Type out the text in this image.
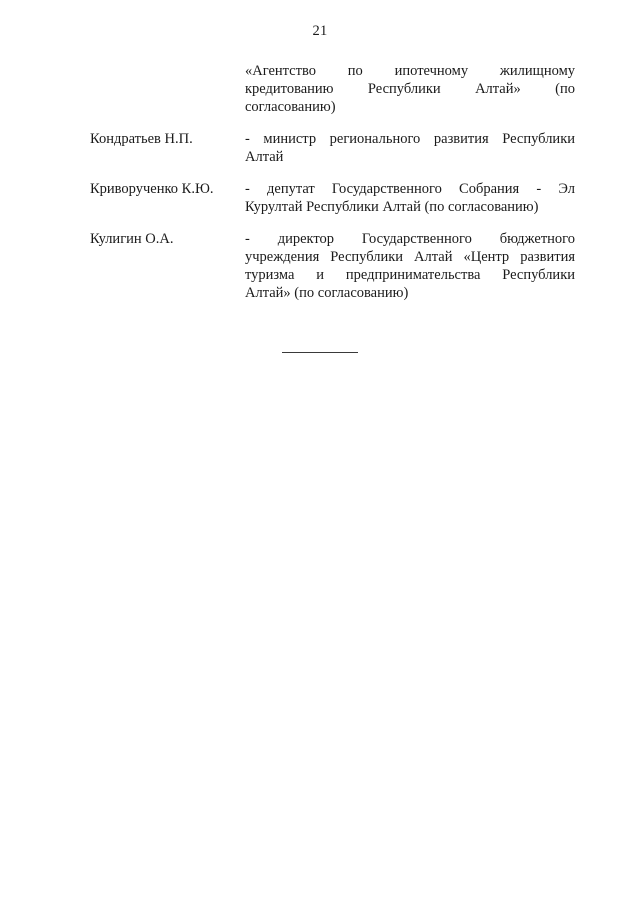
21
«Агентство по ипотечному жилищному
кредитованию Республики Алтай» (по
согласованию)
Кондратьев Н.П.	- министр регионального развития Республики
Алтай
Криворученко К.Ю.	- депутат Государственного Собрания - Эл
Курултай Республики Алтай (по согласованию)
Кулигин О.А.	- директор Государственного бюджетного
учреждения Республики Алтай «Центр развития
туризма и предпринимательства Республики
Алтай» (по согласованию)
